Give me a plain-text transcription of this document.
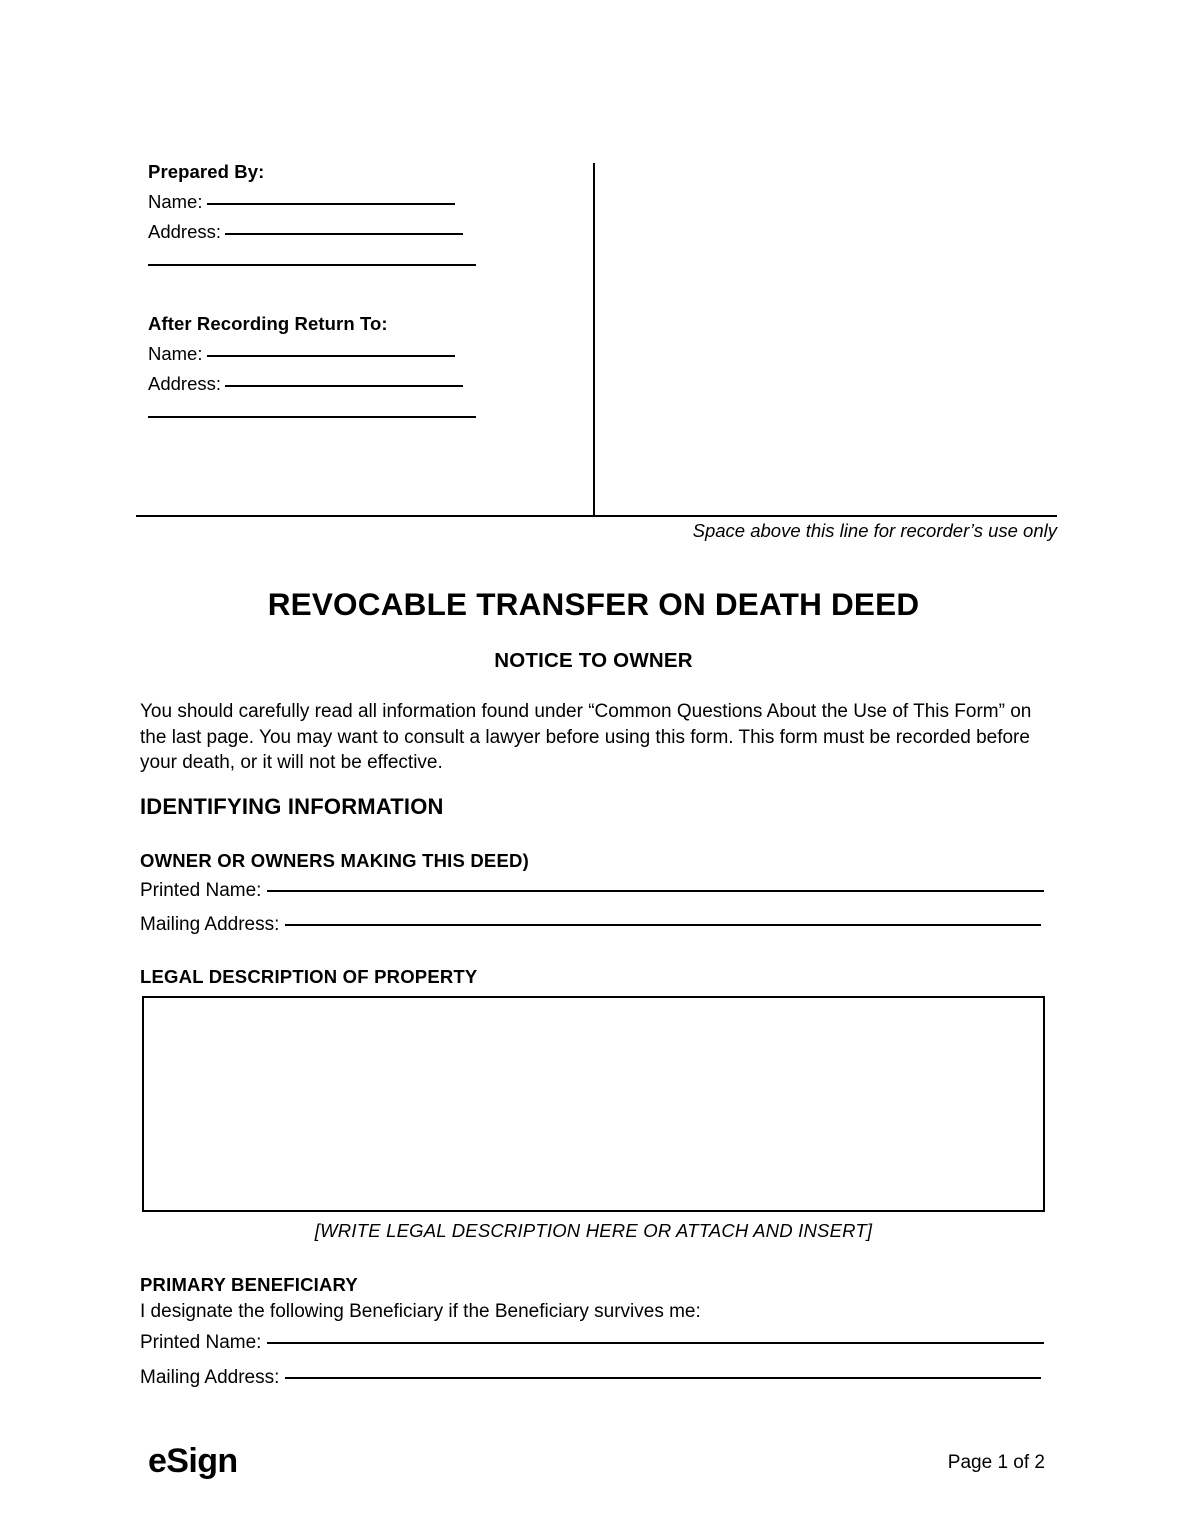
Prepared By:
Name:
Address:
After Recording Return To:
Name:
Address:
Space above this line for recorder’s use only
REVOCABLE TRANSFER ON DEATH DEED
NOTICE TO OWNER
You should carefully read all information found under “Common Questions About the Use of This Form” on the last page. You may want to consult a lawyer before using this form. This form must be recorded before your death, or it will not be effective.
IDENTIFYING INFORMATION
OWNER OR OWNERS MAKING THIS DEED)
Printed Name:
Mailing Address:
LEGAL DESCRIPTION OF PROPERTY
[WRITE LEGAL DESCRIPTION HERE OR ATTACH AND INSERT]
PRIMARY BENEFICIARY
I designate the following Beneficiary if the Beneficiary survives me:
Printed Name:
Mailing Address:
eSign	Page 1 of 2
